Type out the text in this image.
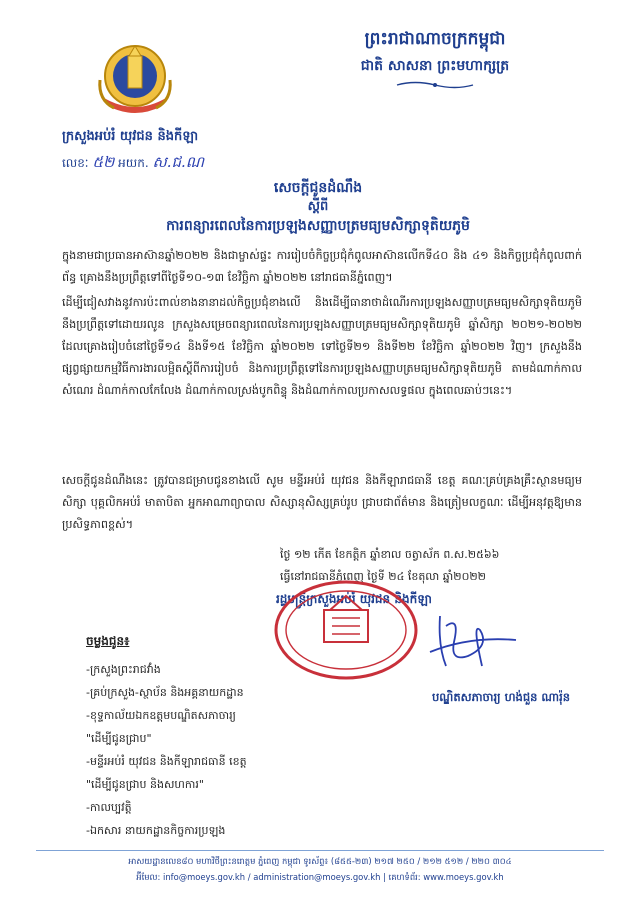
ព្រះរាជាណាចក្រកម្ពុជា
ជាតិ សាសនា ព្រះមហាក្សត្រ
ក្រសួងអប់រំ យុវជន និងកីឡា
លេខៈ ៥២ អយក. ស.ជ.ណ
សេចក្តីជូនដំណឹង
ស្តីពី
ការពន្យារពេលនៃការប្រឡងសញ្ញាបត្រមធ្យមសិក្សាទុតិយភូមិ
ក្នុងនាមជាប្រធានអាស៊ានឆ្នាំ២០២២ និងជាម្ចាស់ផ្ទះ ការរៀបចំកិច្ចប្រជុំកំពូលអាស៊ានលើកទី៤០ និង ៤១ និងកិច្ចប្រជុំកំពូលពាក់ព័ន្ធ គ្រោងនឹងប្រព្រឹត្តទៅពីថ្ងៃទី១០-១៣ ខែវិច្ឆិកា ឆ្នាំ២០២២ នៅរាជធានីភ្នំពេញ។
ដើម្បីជៀសវាងនូវការប៉ះពាល់ខាងនានាដល់កិច្ចប្រជុំខាងលើ និងដើម្បីធានាថាដំណើរការប្រឡងសញ្ញាបត្រមធ្យមសិក្សាទុតិយភូមិ នឹងប្រព្រឹត្តទៅដោយរលូន ក្រសួងសម្រេចពន្យារពេលនៃការប្រឡងសញ្ញាបត្រមធ្យមសិក្សាទុតិយភូមិ ឆ្នាំសិក្សា ២០២១-២០២២ ដែលគ្រោងរៀបចំនៅថ្ងៃទី១៤ និងទី១៥ ខែវិច្ឆិកា ឆ្នាំ២០២២ ទៅថ្ងៃទី២១ និងទី២២ ខែវិច្ឆិកា ឆ្នាំ២០២២ វិញ។ ក្រសួងនឹងផ្សព្វផ្សាយកម្មវិធីការងារលម្អិតស្តីពីការរៀបចំ និងការប្រព្រឹត្តទៅនៃការប្រឡងសញ្ញាបត្រមធ្យមសិក្សាទុតិយភូមិ តាមដំណាក់កាលសំណេរ ដំណាក់កាលកែលែង ដំណាក់កាលស្រង់បូកពិន្ទុ និងដំណាក់កាលប្រកាសលទ្ធផល ក្នុងពេលឆាប់ៗនេះ។
សេចក្តីជូនដំណឹងនេះ ត្រូវបានជម្រាបជូនខាងលើ សូម មន្ទីរអប់រំ យុវជន និងកីឡារាជធានី ខេត្ត គណៈគ្រប់គ្រងគ្រឹះស្ថានមធ្យមសិក្សា បុគ្គលិកអប់រំ មាតាបិតា អ្នកអាណាព្យាបាល សិស្សានុសិស្សគ្រប់រូប ជ្រាបជាព័ត៌មាន និងត្រៀមលក្ខណៈ ដើម្បីអនុវត្តឱ្យមានប្រសិទ្ធភាពខ្ពស់។
ថ្ងៃ ១២ កើត ខែកត្តិក ឆ្នាំខាល ចត្វាស័ក ព.ស.២៥៦៦
ធ្វើនៅរាជធានីភ្នំពេញ ថ្ងៃទី ២៤ ខែតុលា ឆ្នាំ២០២២
រដ្ឋមន្ត្រីក្រសួងអប់រំ យុវជន និងកីឡា
បណ្ឌិតសភាចារ្យ ហង់ជួន ណារ៉ុន
ចម្លងជូន៖
-ក្រសួងព្រះរាជវាំង
-គ្រប់ក្រសួង-ស្ថាប័ន និងអគ្គនាយកដ្ឋាន
-ខុទ្ទកាល័យឯកឧត្តមបណ្ឌិតសភាចារ្យ
"ដើម្បីជូនជ្រាប"
-មន្ទីរអប់រំ យុវជន និងកីឡារាជធានី ខេត្ត
"ដើម្បីជូនជ្រាប និងសហការ"
-កាលប្បវត្តិ
-ឯកសារ នាយកដ្ឋានកិច្ចការប្រឡង
អាសយដ្ឋានលេខ៨០ មហាវិថីព្រះនរោត្តម ភ្នំពេញ កម្ពុជា ទូរស័ព្ទ៖ (៨៥៥-២៣) ២១៧ ២៥០ / ២១២ ៥១២ / ២២០ ៣០៤
អ៊ីមែល: info@moeys.gov.kh / administration@moeys.gov.kh | គេហទំព័រ: www.moeys.gov.kh
